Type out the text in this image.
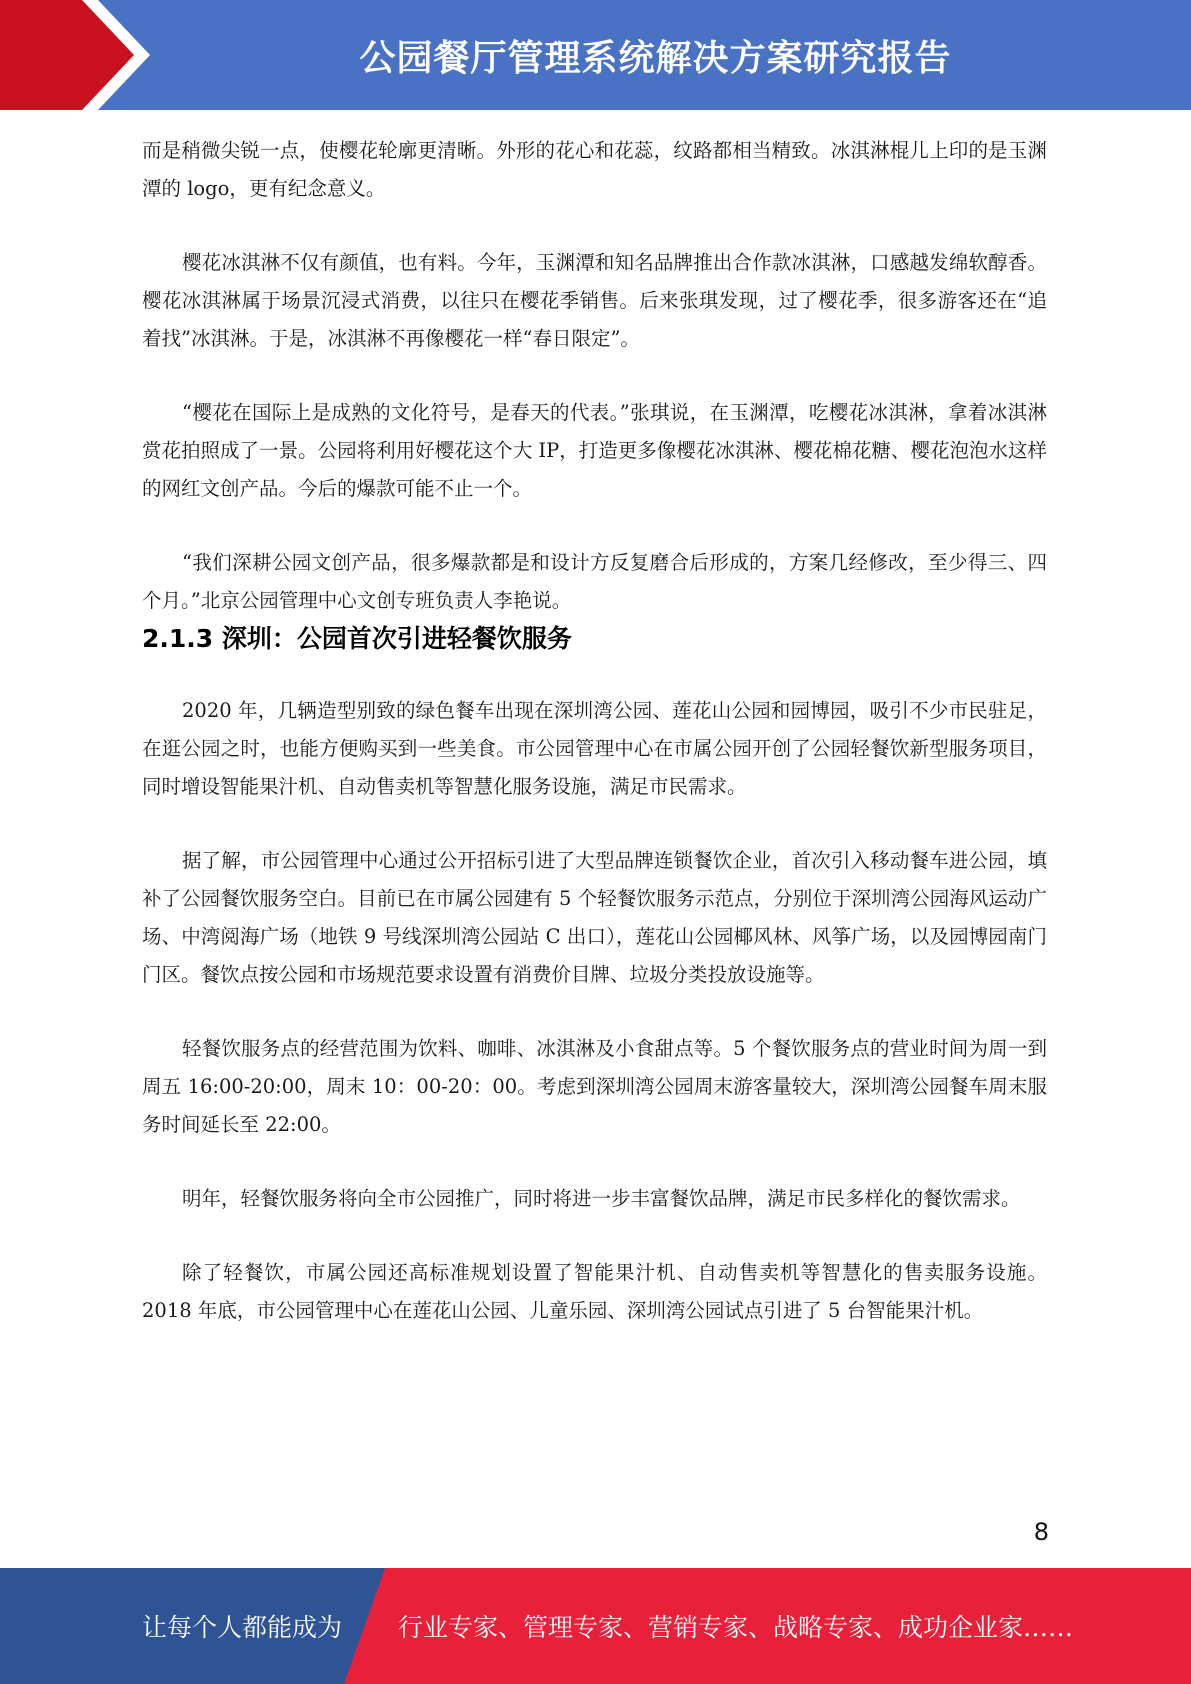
公园餐厅管理系统解决方案研究报告

而是稍微尖锐一点，使樱花轮廓更清晰。外形的花心和花蕊，纹路都相当精致。冰淇淋棍儿上印的是玉渊潭的 logo，更有纪念意义。

樱花冰淇淋不仅有颜值，也有料。今年，玉渊潭和知名品牌推出合作款冰淇淋，口感越发绵软醇香。樱花冰淇淋属于场景沉浸式消费，以往只在樱花季销售。后来张琪发现，过了樱花季，很多游客还在“追着找”冰淇淋。于是，冰淇淋不再像樱花一样“春日限定”。

“樱花在国际上是成熟的文化符号，是春天的代表。”张琪说，在玉渊潭，吃樱花冰淇淋，拿着冰淇淋赏花拍照成了一景。公园将利用好樱花这个大 IP，打造更多像樱花冰淇淋、樱花棉花糖、樱花泡泡水这样的网红文创产品。今后的爆款可能不止一个。

“我们深耕公园文创产品，很多爆款都是和设计方反复磨合后形成的，方案几经修改，至少得三、四个月。”北京公园管理中心文创专班负责人李艳说。

2.1.3 深圳：公园首次引进轻餐饮服务

2020 年，几辆造型别致的绿色餐车出现在深圳湾公园、莲花山公园和园博园，吸引不少市民驻足，在逛公园之时，也能方便购买到一些美食。市公园管理中心在市属公园开创了公园轻餐饮新型服务项目，同时增设智能果汁机、自动售卖机等智慧化服务设施，满足市民需求。

据了解，市公园管理中心通过公开招标引进了大型品牌连锁餐饮企业，首次引入移动餐车进公园，填补了公园餐饮服务空白。目前已在市属公园建有 5 个轻餐饮服务示范点，分别位于深圳湾公园海风运动广场、中湾阅海广场（地铁 9 号线深圳湾公园站 C 出口），莲花山公园椰风林、风筝广场，以及园博园南门门区。餐饮点按公园和市场规范要求设置有消费价目牌、垃圾分类投放设施等。

轻餐饮服务点的经营范围为饮料、咖啡、冰淇淋及小食甜点等。5 个餐饮服务点的营业时间为周一到周五 16:00-20:00，周末 10：00-20：00。考虑到深圳湾公园周末游客量较大，深圳湾公园餐车周末服务时间延长至 22:00。

明年，轻餐饮服务将向全市公园推广，同时将进一步丰富餐饮品牌，满足市民多样化的餐饮需求。

除了轻餐饮，市属公园还高标准规划设置了智能果汁机、自动售卖机等智慧化的售卖服务设施。2018 年底，市公园管理中心在莲花山公园、儿童乐园、深圳湾公园试点引进了 5 台智能果汁机。

8
让每个人都能成为 行业专家、管理专家、营销专家、战略专家、成功企业家……
